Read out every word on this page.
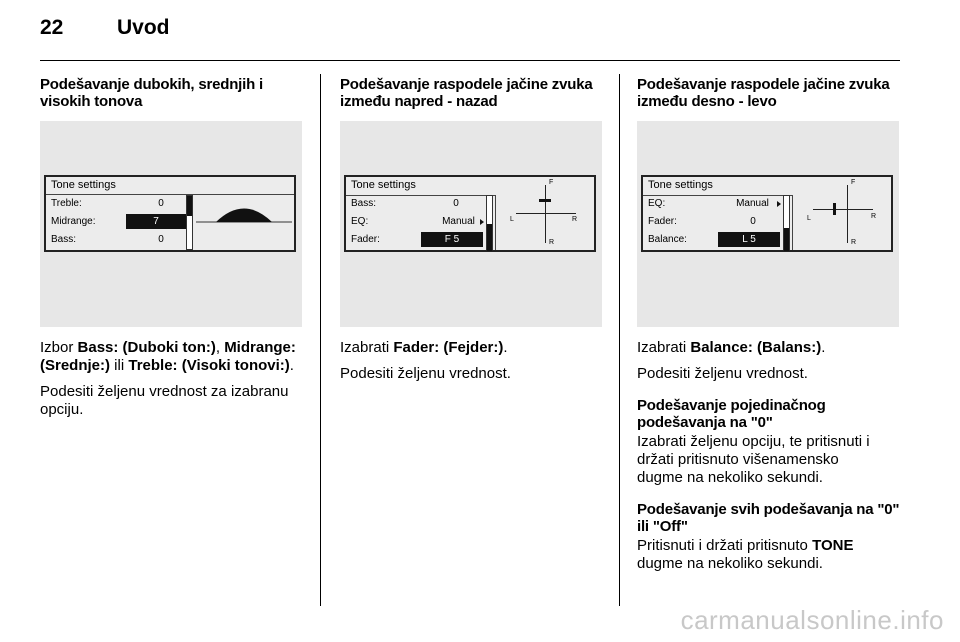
22	Uvod
Podešavanje dubokih, srednjih i visokih tonova
Tone settings
Treble:	0
Midrange:	7
Bass:	0

Izbor Bass: (Duboki ton:), Midrange: (Srednje:) ili Treble: (Visoki tonovi:).

Podesiti željenu vrednost za izabranu opciju.

Podešavanje raspodele jačine zvuka između napred - nazad
Tone settings
Bass:	0
EQ:	Manual
Fader:	F 5
F
L	R
R

Izabrati Fader: (Fejder:).

Podesiti željenu vrednost.

Podešavanje raspodele jačine zvuka između desno - levo
Tone settings
EQ:	Manual
Fader:	0
Balance:	L 5
F
L	R
R

Izabrati Balance: (Balans:).

Podesiti željenu vrednost.

Podešavanje pojedinačnog podešavanja na "0"

Izabrati željenu opciju, te pritisnuti i držati pritisnuto višenamensko dugme na nekoliko sekundi.

Podešavanje svih podešavanja na "0" ili "Off"

Pritisnuti i držati pritisnuto TONE dugme na nekoliko sekundi.

carmanualsonline.info
